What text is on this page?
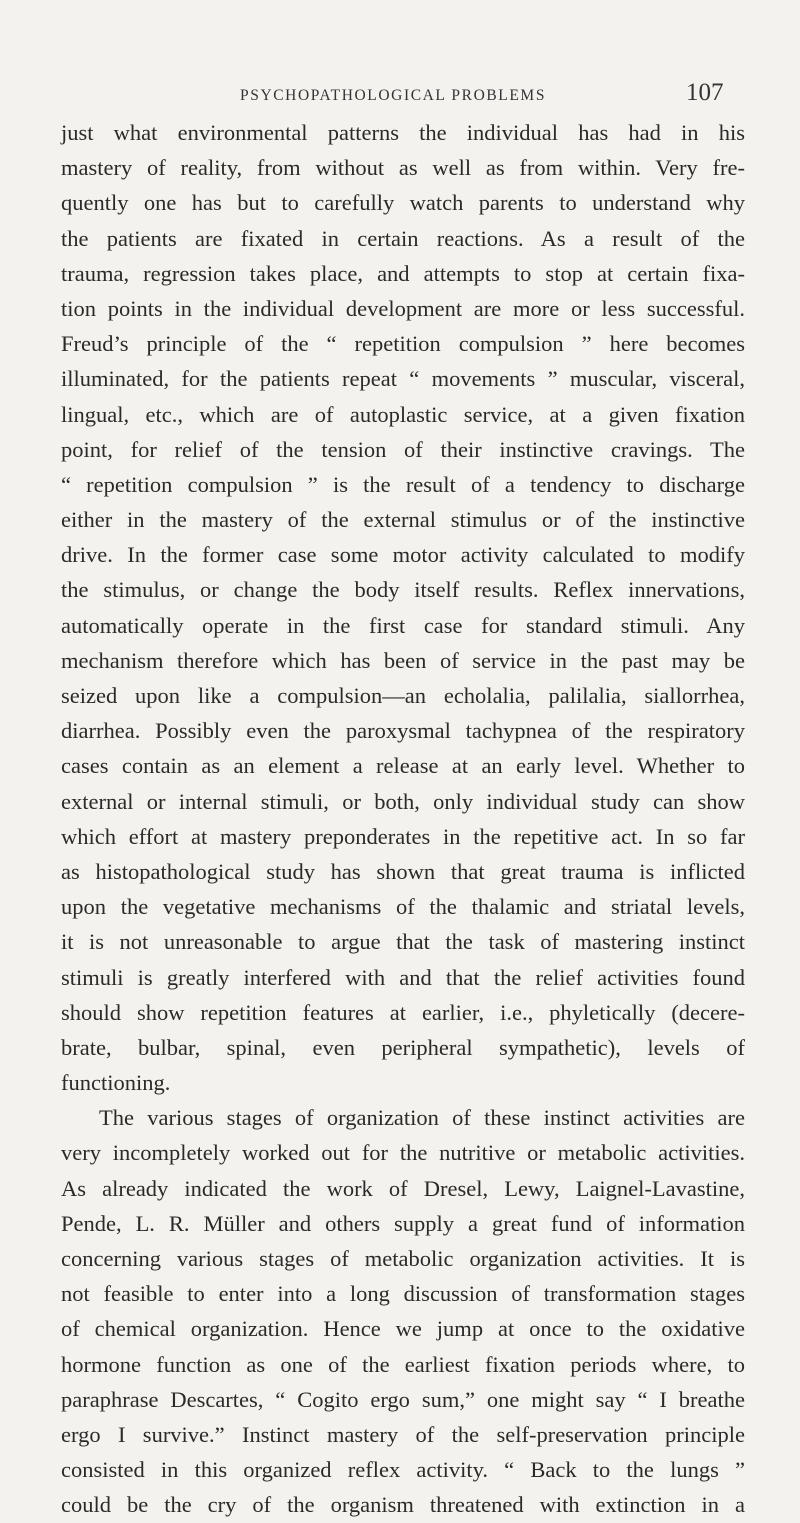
PSYCHOPATHOLOGICAL PROBLEMS	107
just what environmental patterns the individual has had in his
mastery of reality, from without as well as from within. Very fre-
quently one has but to carefully watch parents to understand why
the patients are fixated in certain reactions. As a result of the
trauma, regression takes place, and attempts to stop at certain fixa-
tion points in the individual development are more or less successful.
Freud’s principle of the “ repetition compulsion ” here becomes
illuminated, for the patients repeat “ movements ” muscular, visceral,
lingual, etc., which are of autoplastic service, at a given fixation
point, for relief of the tension of their instinctive cravings. The
“ repetition compulsion ” is the result of a tendency to discharge
either in the mastery of the external stimulus or of the instinctive
drive. In the former case some motor activity calculated to modify
the stimulus, or change the body itself results. Reflex innervations,
automatically operate in the first case for standard stimuli. Any
mechanism therefore which has been of service in the past may be
seized upon like a compulsion—an echolalia, palilalia, siallorrhea,
diarrhea. Possibly even the paroxysmal tachypnea of the respiratory
cases contain as an element a release at an early level. Whether to
external or internal stimuli, or both, only individual study can show
which effort at mastery preponderates in the repetitive act. In so far
as histopathological study has shown that great trauma is inflicted
upon the vegetative mechanisms of the thalamic and striatal levels,
it is not unreasonable to argue that the task of mastering instinct
stimuli is greatly interfered with and that the relief activities found
should show repetition features at earlier, i.e., phyletically (decere-
brate, bulbar, spinal, even peripheral sympathetic), levels of
functioning.
The various stages of organization of these instinct activities are
very incompletely worked out for the nutritive or metabolic activities.
As already indicated the work of Dresel, Lewy, Laignel-Lavastine,
Pende, L. R. Müller and others supply a great fund of information
concerning various stages of metabolic organization activities. It is
not feasible to enter into a long discussion of transformation stages
of chemical organization. Hence we jump at once to the oxidative
hormone function as one of the earliest fixation periods where, to
paraphrase Descartes, “ Cogito ergo sum,” one might say “ I breathe
ergo I survive.” Instinct mastery of the self-preservation principle
consisted in this organized reflex activity. “ Back to the lungs ”
could be the cry of the organism threatened with extinction in a
